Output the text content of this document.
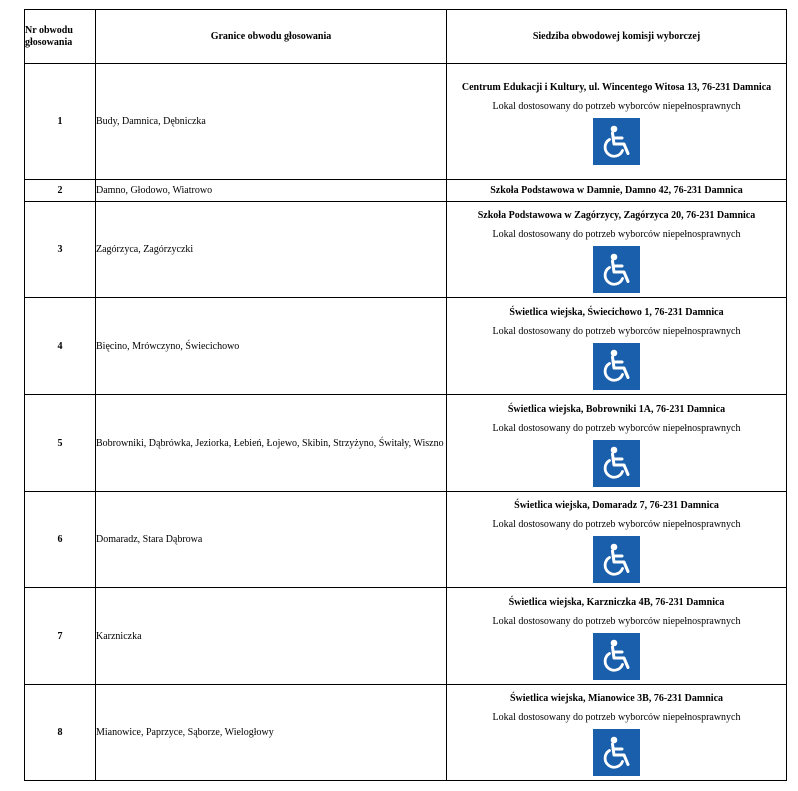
Nr obwodu głosowania	Granice obwodu głosowania	Siedziba obwodowej komisji wyborczej
1	Budy, Damnica, Dębniczka	Centrum Edukacji i Kultury, ul. Wincentego Witosa 13, 76-231 Damnica
Lokal dostosowany do potrzeb wyborców niepełnosprawnych

2	Damno, Głodowo, Wiatrowo	Szkoła Podstawowa w Damnie, Damno 42, 76-231 Damnica

3	Zagórzyca, Zagórzyczki	Szkoła Podstawowa w Zagórzycy, Zagórzyca 20, 76-231 Damnica
Lokal dostosowany do potrzeb wyborców niepełnosprawnych

4	Bięcino, Mrówczyno, Świecichowo	Świetlica wiejska, Świecichowo 1, 76-231 Damnica
Lokal dostosowany do potrzeb wyborców niepełnosprawnych

5	Bobrowniki, Dąbrówka, Jeziorka, Łebień, Łojewo, Skibin, Strzyżyno, Świtały, Wiszno	Świetlica wiejska, Bobrowniki 1A, 76-231 Damnica
Lokal dostosowany do potrzeb wyborców niepełnosprawnych

6	Domaradz, Stara Dąbrowa	Świetlica wiejska, Domaradz 7, 76-231 Damnica
Lokal dostosowany do potrzeb wyborców niepełnosprawnych

7	Karzniczka	Świetlica wiejska, Karzniczka 4B, 76-231 Damnica
Lokal dostosowany do potrzeb wyborców niepełnosprawnych

8	Mianowice, Paprzyce, Sąborze, Wielogłowy	Świetlica wiejska, Mianowice 3B, 76-231 Damnica
Lokal dostosowany do potrzeb wyborców niepełnosprawnych
